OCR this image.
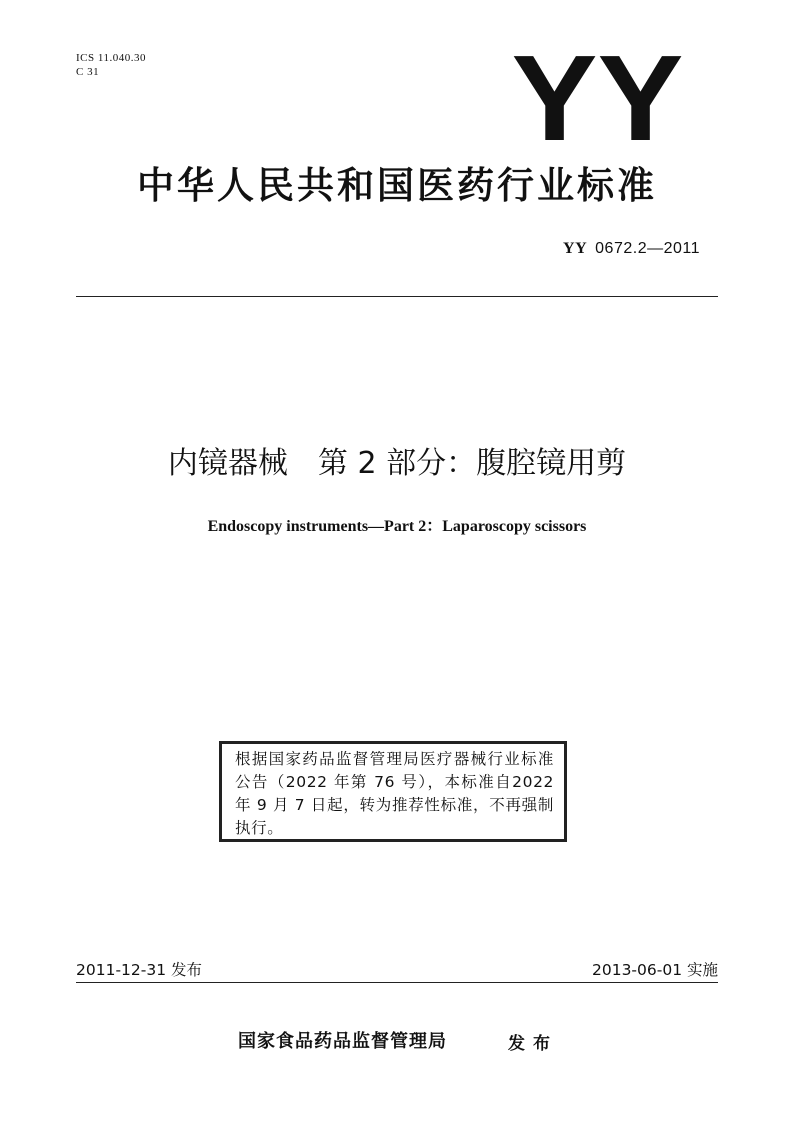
ICS 11.040.30
C 31	YY
中华人民共和国医药行业标准
YY 0672.2—2011
内镜器械　第 2 部分：腹腔镜用剪
Endoscopy instruments—Part 2：Laparoscopy scissors
根据国家药品监督管理局医疗器械行业标准公告（2022 年第 76 号），本标准自2022 年 9 月 7 日起，转为推荐性标准，不再强制执行。
2011-12-31 发布	2013-06-01 实施
国家食品药品监督管理局	发布
